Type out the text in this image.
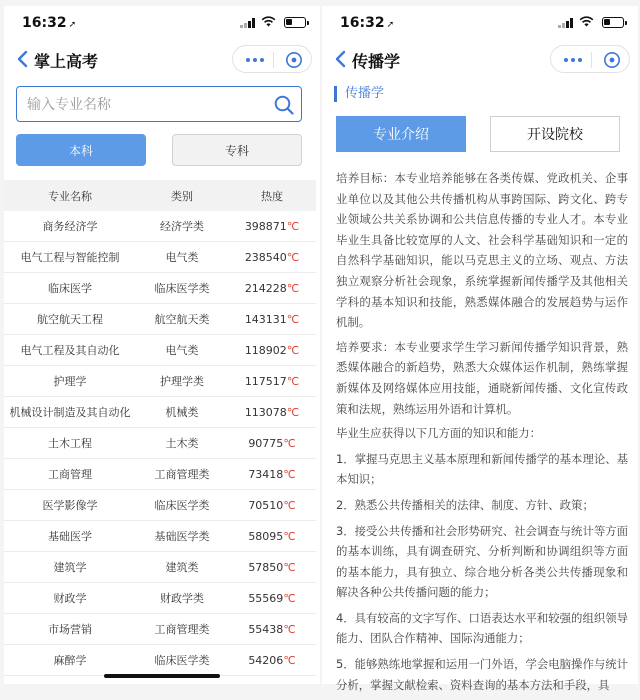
16:32 ➚
掌上高考
输入专业名称
本科	专科
专业名称	类别	热度
商务经济学	经济学类	398871℃
电气工程与智能控制	电气类	238540℃
临床医学	临床医学类	214228℃
航空航天工程	航空航天类	143131℃
电气工程及其自动化	电气类	118902℃
护理学	护理学类	117517℃
机械设计制造及其自动化	机械类	113078℃
土木工程	土木类	90775℃
工商管理	工商管理类	73418℃
医学影像学	临床医学类	70510℃
基础医学	基础医学类	58095℃
建筑学	建筑类	57850℃
财政学	财政学类	55569℃
市场营销	工商管理类	55438℃
麻醉学	临床医学类	54206℃
16:32 ➚
传播学
传播学
专业介绍	开设院校

培养目标：本专业培养能够在各类传媒、党政机关、企事业单位以及其他公共传播机构从事跨国际、跨文化、跨专业领域公共关系协调和公共信息传播的专业人才。本专业毕业生具备比较宽厚的人文、社会科学基础知识和一定的自然科学基础知识，能以马克思主义的立场、观点、方法独立观察分析社会现象，系统掌握新闻传播学及其他相关学科的基本知识和技能，熟悉媒体融合的发展趋势与运作机制。

培养要求：本专业要求学生学习新闻传播学知识背景，熟悉媒体融合的新趋势，熟悉大众媒体运作机制，熟练掌握新媒体及网络媒体应用技能，通晓新闻传播、文化宣传政策和法规，熟练运用外语和计算机。

毕业生应获得以下几方面的知识和能力：

1．掌握马克思主义基本原理和新闻传播学的基本理论、基本知识；

2．熟悉公共传播相关的法律、制度、方针、政策；

3．接受公共传播和社会形势研究、社会调查与统计等方面的基本训练，具有调查研究、分析判断和协调组织等方面的基本能力，具有独立、综合地分析各类公共传播现象和解决各种公共传播问题的能力；

4．具有较高的文字写作、口语表达水平和较强的组织领导能力、团队合作精神、国际沟通能力；

5．能够熟练地掌握和运用一门外语，学会电脑操作与统计分析，掌握文献检索、资料查询的基本方法和手段，具
